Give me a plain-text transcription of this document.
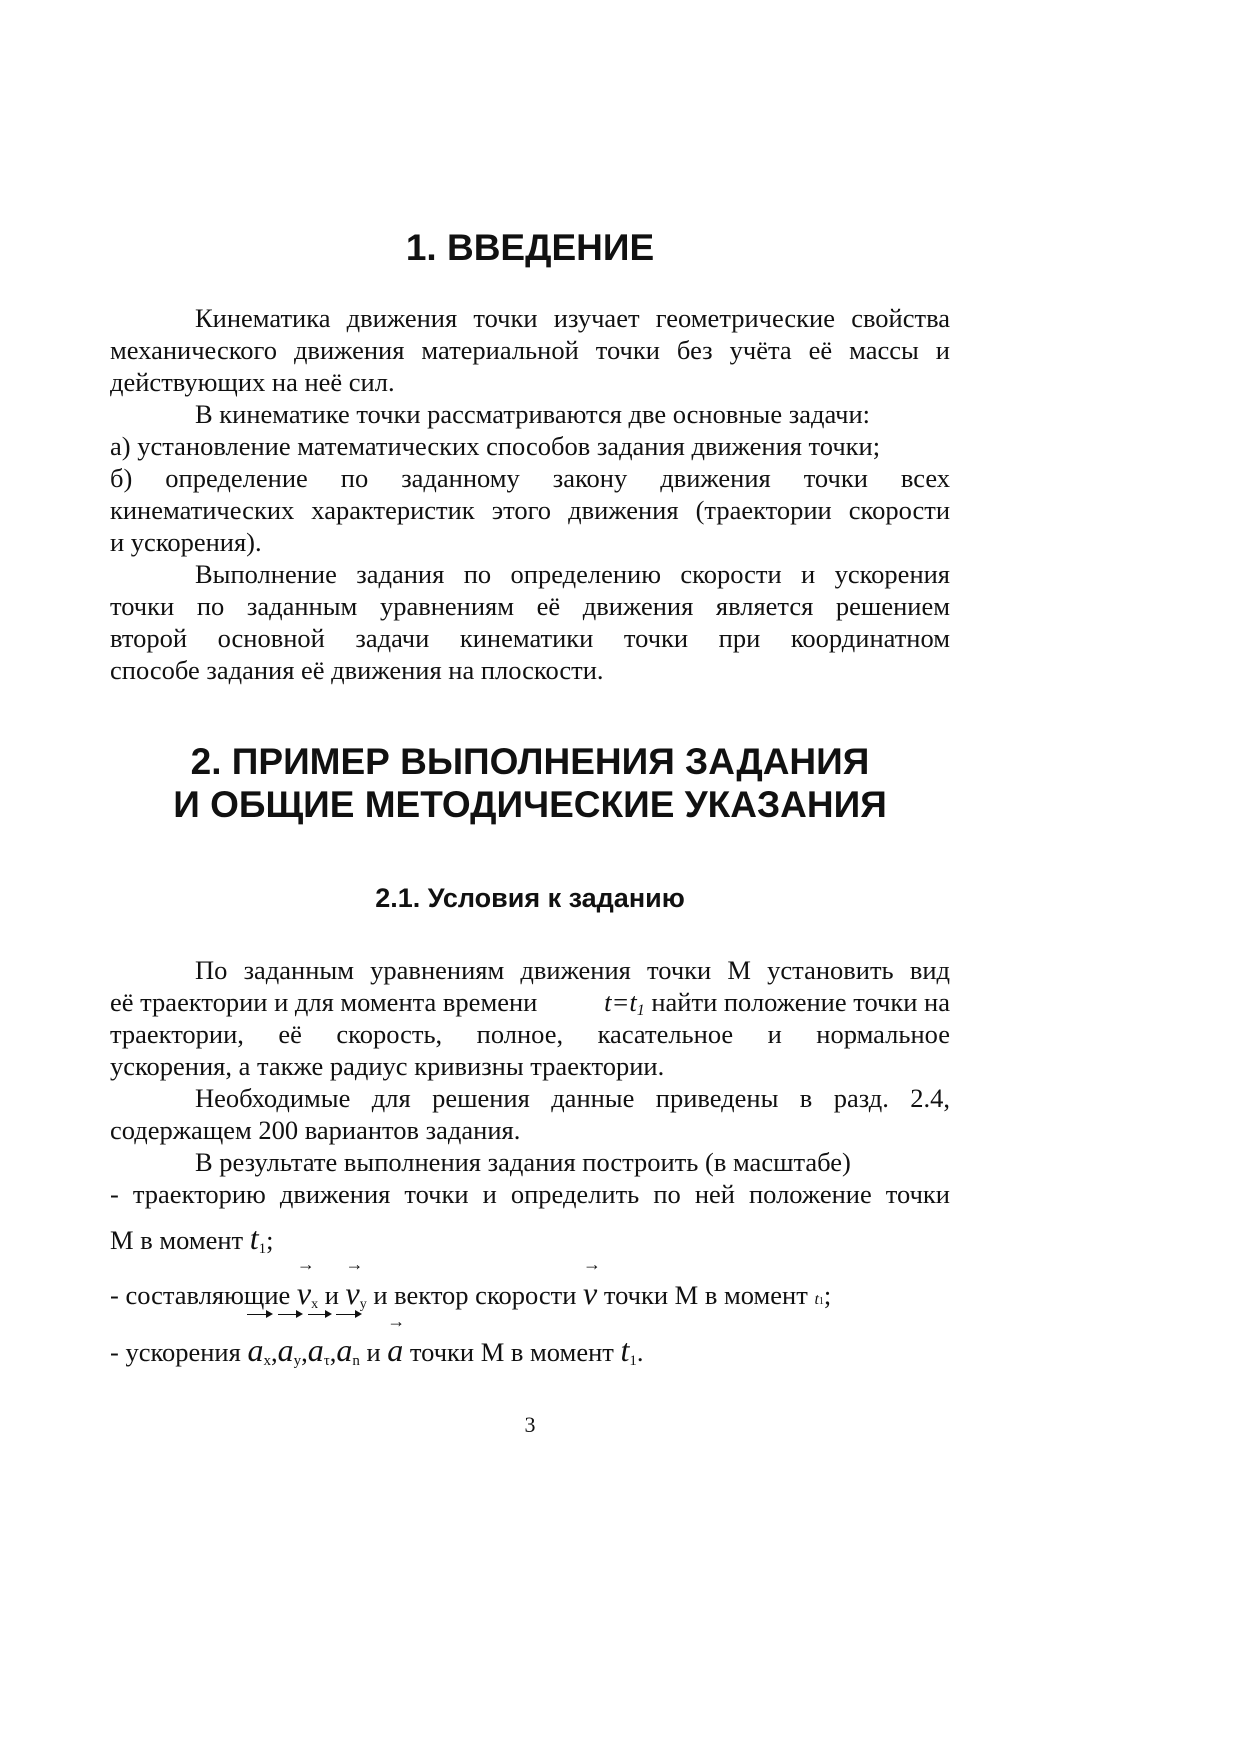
1. ВВЕДЕНИЕ
Кинематика движения точки изучает геометрические свойства
механического движения материальной точки без учёта её массы и
действующих на неё сил.
В кинематике точки рассматриваются две основные задачи:
а) установление математических способов задания движения точки;
б) определение по заданному закону движения точки всех
кинематических характеристик этого движения (траектории скорости
и ускорения).
Выполнение задания по определению скорости и ускорения
точки по заданным уравнениям её движения является решением
второй основной задачи кинематики точки при координатном
способе задания её движения на плоскости.
2. ПРИМЕР ВЫПОЛНЕНИЯ ЗАДАНИЯ
И ОБЩИЕ МЕТОДИЧЕСКИЕ УКАЗАНИЯ
2.1. Условия к заданию
По заданным уравнениям движения точки М установить вид
её траектории и для момента времени t=t1 найти положение точки на
траектории, её скорость, полное, касательное и нормальное
ускорения, а также радиус кривизны траектории.
Необходимые для решения данные приведены в разд. 2.4,
содержащем 200 вариантов задания.
В результате выполнения задания построить (в масштабе)
- траекторию движения точки и определить по ней положение точки
М в момент $t_1$;
- составляющие
→
$v_x$ и
→
$v_y$ и вектор скорости
→
v точки М в момент t1;
- ускорения
$a_x$,
$a_y$,
$a_\tau$,
$a_n$ и
→
a точки М в момент $t_1$.
3
